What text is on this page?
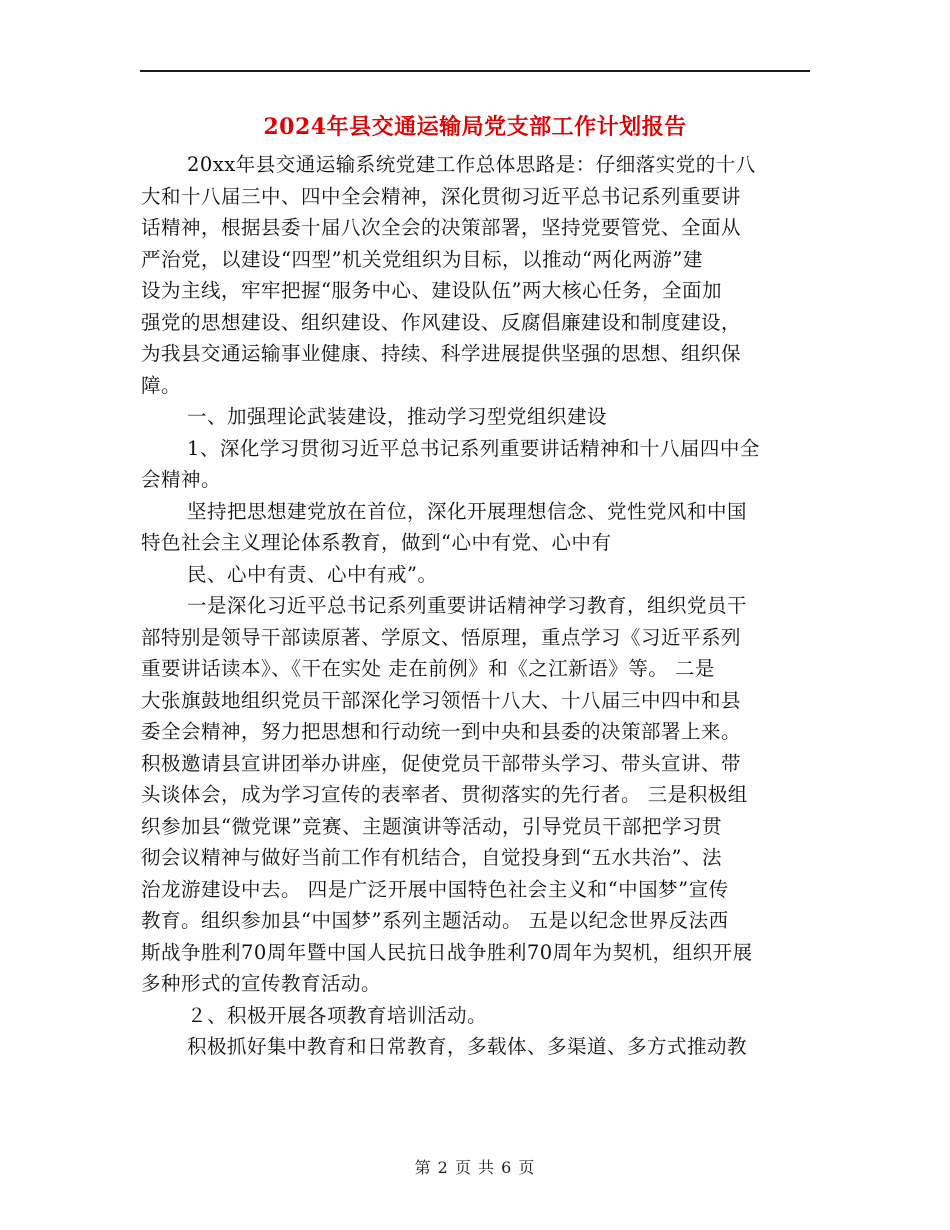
2024年县交通运输局党支部工作计划报告
20xx年县交通运输系统党建工作总体思路是：仔细落实党的十八
大和十八届三中、四中全会精神，深化贯彻习近平总书记系列重要讲
话精神，根据县委十届八次全会的决策部署，坚持党要管党、全面从
严治党，以建设“四型”机关党组织为目标，以推动“两化两游”建
设为主线，牢牢把握“服务中心、建设队伍”两大核心任务，全面加
强党的思想建设、组织建设、作风建设、反腐倡廉建设和制度建设，
为我县交通运输事业健康、持续、科学进展提供坚强的思想、组织保
障。
一、加强理论武装建设，推动学习型党组织建设
1、深化学习贯彻习近平总书记系列重要讲话精神和十八届四中全
会精神。
坚持把思想建党放在首位，深化开展理想信念、党性党风和中国
特色社会主义理论体系教育，做到“心中有党、心中有
民、心中有责、心中有戒”。
一是深化习近平总书记系列重要讲话精神学习教育，组织党员干
部特别是领导干部读原著、学原文、悟原理，重点学习《习近平系列
重要讲话读本》、《干在实处 走在前例》和《之江新语》等。 二是
大张旗鼓地组织党员干部深化学习领悟十八大、十八届三中四中和县
委全会精神，努力把思想和行动统一到中央和县委的决策部署上来。
积极邀请县宣讲团举办讲座，促使党员干部带头学习、带头宣讲、带
头谈体会，成为学习宣传的表率者、贯彻落实的先行者。 三是积极组
织参加县“微党课”竞赛、主题演讲等活动，引导党员干部把学习贯
彻会议精神与做好当前工作有机结合，自觉投身到“五水共治”、法
治龙游建设中去。 四是广泛开展中国特色社会主义和“中国梦”宣传
教育。组织参加县“中国梦”系列主题活动。 五是以纪念世界反法西
斯战争胜利70周年暨中国人民抗日战争胜利70周年为契机，组织开展
多种形式的宣传教育活动。
２、积极开展各项教育培训活动。
积极抓好集中教育和日常教育，多载体、多渠道、多方式推动教
第 2 页 共 6 页
